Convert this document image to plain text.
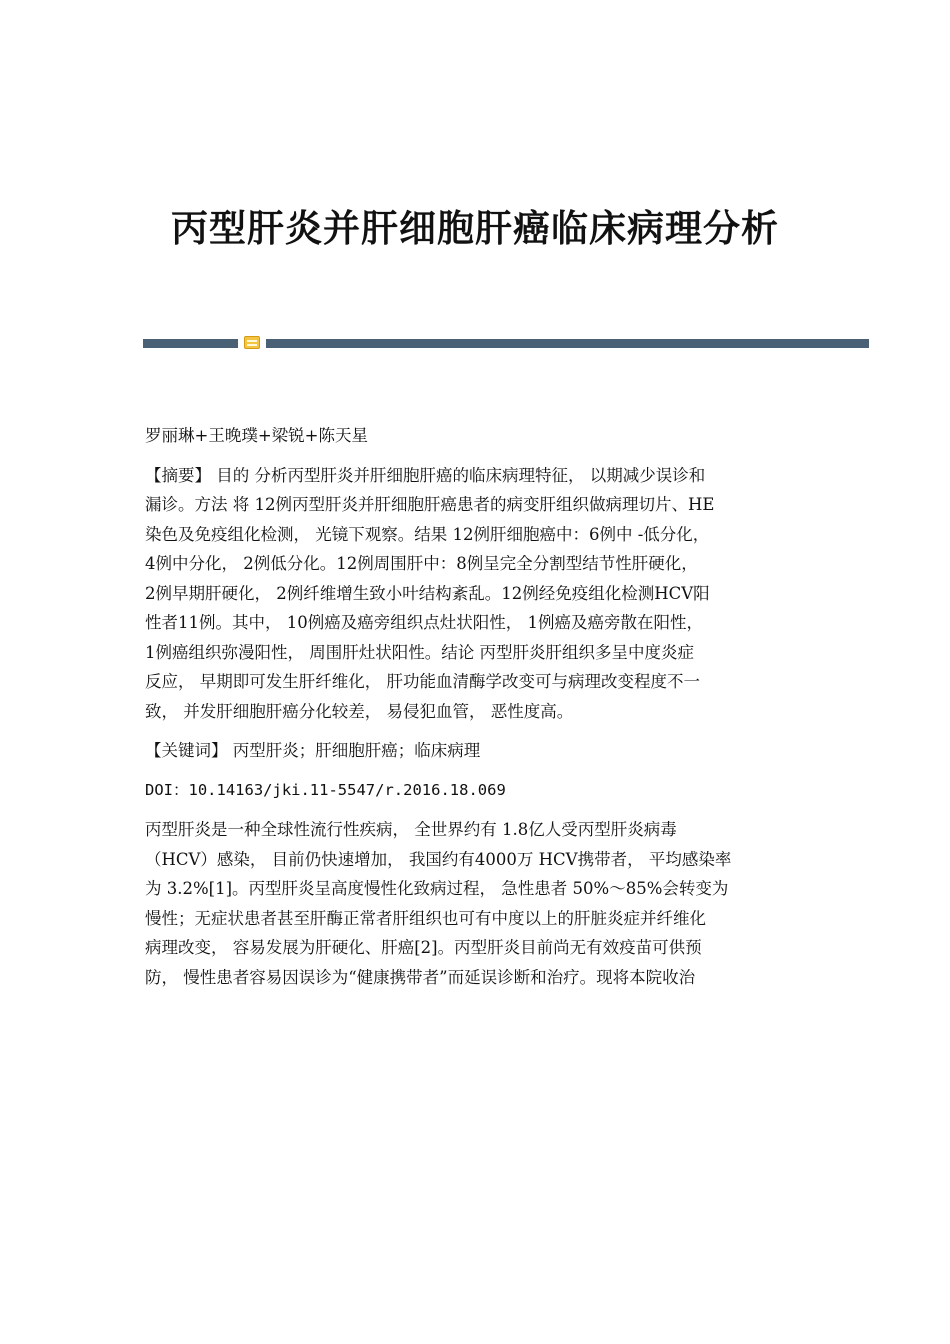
丙型肝炎并肝细胞肝癌临床病理分析

罗丽琳+王晚璞+梁锐+陈天星

【摘要】 目的 分析丙型肝炎并肝细胞肝癌的临床病理特征， 以期减少误诊和
漏诊。方法 将 12例丙型肝炎并肝细胞肝癌患者的病变肝组织做病理切片、HE
染色及免疫组化检测， 光镜下观察。结果 12例肝细胞癌中：6例中 -低分化，
4例中分化， 2例低分化。12例周围肝中：8例呈完全分割型结节性肝硬化，
2例早期肝硬化， 2例纤维增生致小叶结构紊乱。12例经免疫组化检测HCV阳
性者11例。其中， 10例癌及癌旁组织点灶状阳性， 1例癌及癌旁散在阳性，
1例癌组织弥漫阳性， 周围肝灶状阳性。结论 丙型肝炎肝组织多呈中度炎症
反应， 早期即可发生肝纤维化， 肝功能血清酶学改变可与病理改变程度不一
致， 并发肝细胞肝癌分化较差， 易侵犯血管， 恶性度高。

【关键词】 丙型肝炎；肝细胞肝癌；临床病理

DOI：10.14163/jki.11-5547/r.2016.18.069

丙型肝炎是一种全球性流行性疾病， 全世界约有 1.8亿人受丙型肝炎病毒
（HCV）感染， 目前仍快速增加， 我国约有4000万 HCV携带者， 平均感染率
为 3.2%[1]。丙型肝炎呈高度慢性化致病过程， 急性患者 50%～85%会转变为
慢性；无症状患者甚至肝酶正常者肝组织也可有中度以上的肝脏炎症并纤维化
病理改变， 容易发展为肝硬化、肝癌[2]。丙型肝炎目前尚无有效疫苗可供预
防， 慢性患者容易因误诊为“健康携带者”而延误诊断和治疗。现将本院收治
